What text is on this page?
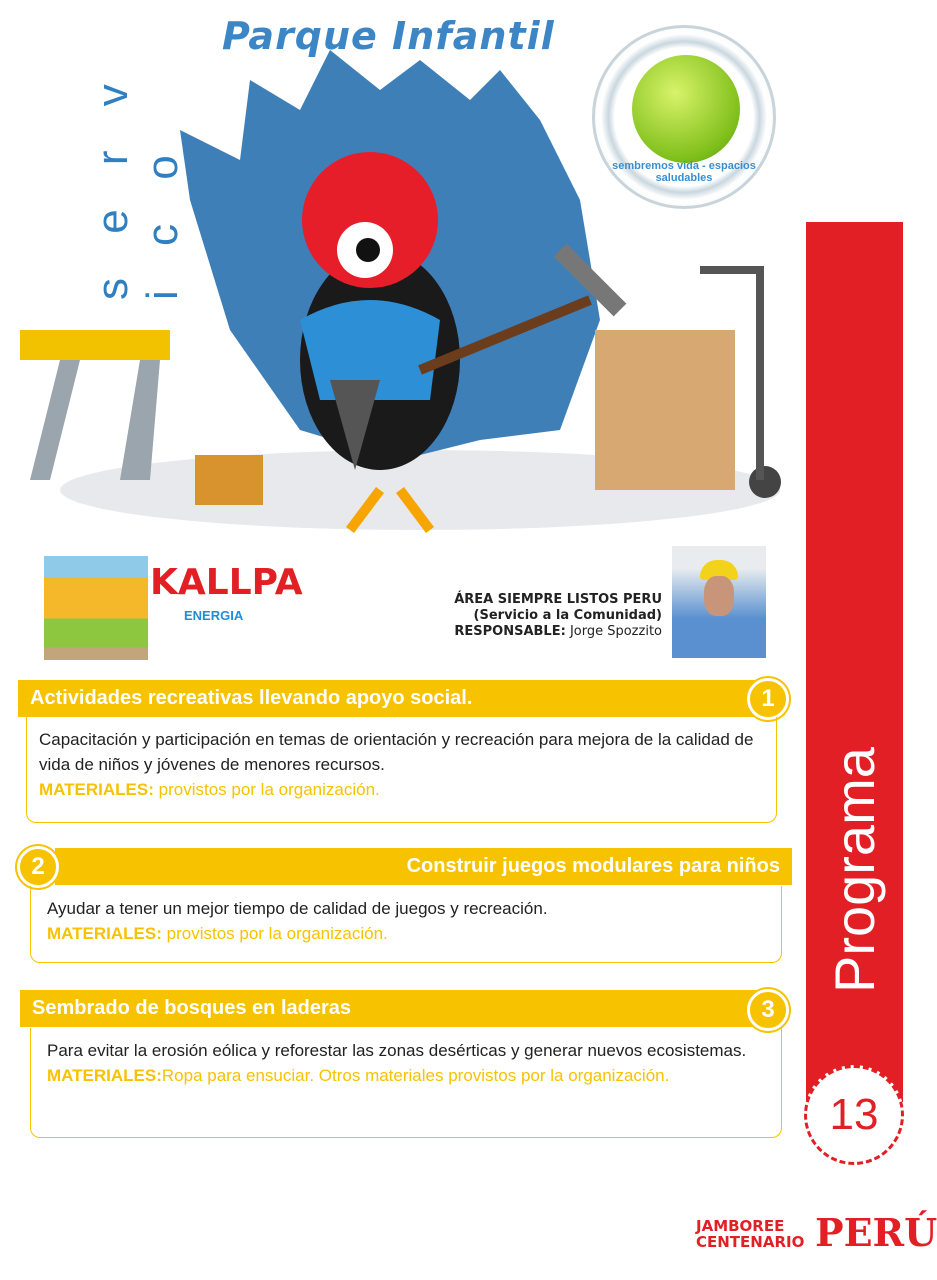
Parque Infantil
s e r v i c o	sembremos vida - espacios saludables
Programa
13
KALLPA
ENERGIA
ÁREA SIEMPRE LISTOS PERU
(Servicio a la Comunidad)
RESPONSABLE: Jorge Spozzito
Actividades recreativas llevando apoyo social.	1
Capacitación y participación en temas de orientación y recreación para mejora de la calidad de vida de niños y jóvenes de menores recursos.
MATERIALES: provistos por la organización.
Construir juegos modulares para niños
2
Ayudar a tener un mejor tiempo de calidad de juegos y recreación.
MATERIALES: provistos por la organización.
Sembrado de bosques en laderas	3
Para evitar la erosión eólica y reforestar las zonas desérticas y generar nuevos ecosistemas.
MATERIALES:Ropa para ensuciar. Otros materiales provistos por la organización.
JAMBOREE
CENTENARIO PERÚ
